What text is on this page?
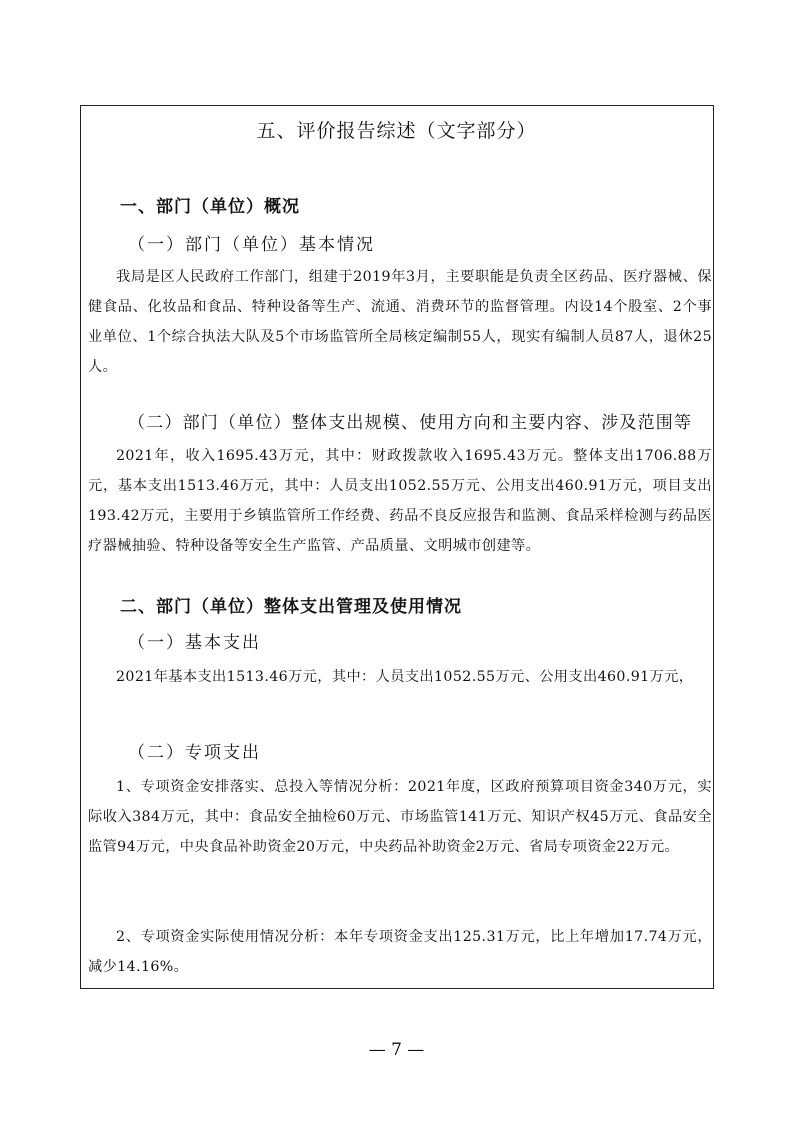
五、评价报告综述（文字部分）
一、部门（单位）概况
（一）部门（单位）基本情况

我局是区人民政府工作部门，组建于2019年3月，主要职能是负责全区药品、医疗器械、保健食品、化妆品和食品、特种设备等生产、流通、消费环节的监督管理。内设14个股室、2个事业单位、1个综合执法大队及5个市场监管所全局核定编制55人，现实有编制人员87人，退休25人。

（二）部门（单位）整体支出规模、使用方向和主要内容、涉及范围等

2021年，收入1695.43万元，其中：财政拨款收入1695.43万元。整体支出1706.88万元，基本支出1513.46万元，其中：人员支出1052.55万元、公用支出460.91万元，项目支出193.42万元，主要用于乡镇监管所工作经费、药品不良反应报告和监测、食品采样检测与药品医疗器械抽验、特种设备等安全生产监管、产品质量、文明城市创建等。

二、部门（单位）整体支出管理及使用情况
（一）基本支出

2021年基本支出1513.46万元，其中：人员支出1052.55万元、公用支出460.91万元，

（二）专项支出

1、专项资金安排落实、总投入等情况分析：2021年度，区政府预算项目资金340万元，实际收入384万元，其中：食品安全抽检60万元、市场监管141万元、知识产权45万元、食品安全监管94万元，中央食品补助资金20万元，中央药品补助资金2万元、省局专项资金22万元。

2、专项资金实际使用情况分析：本年专项资金支出125.31万元，比上年增加17.74万元，减少14.16%。

— 7 —
